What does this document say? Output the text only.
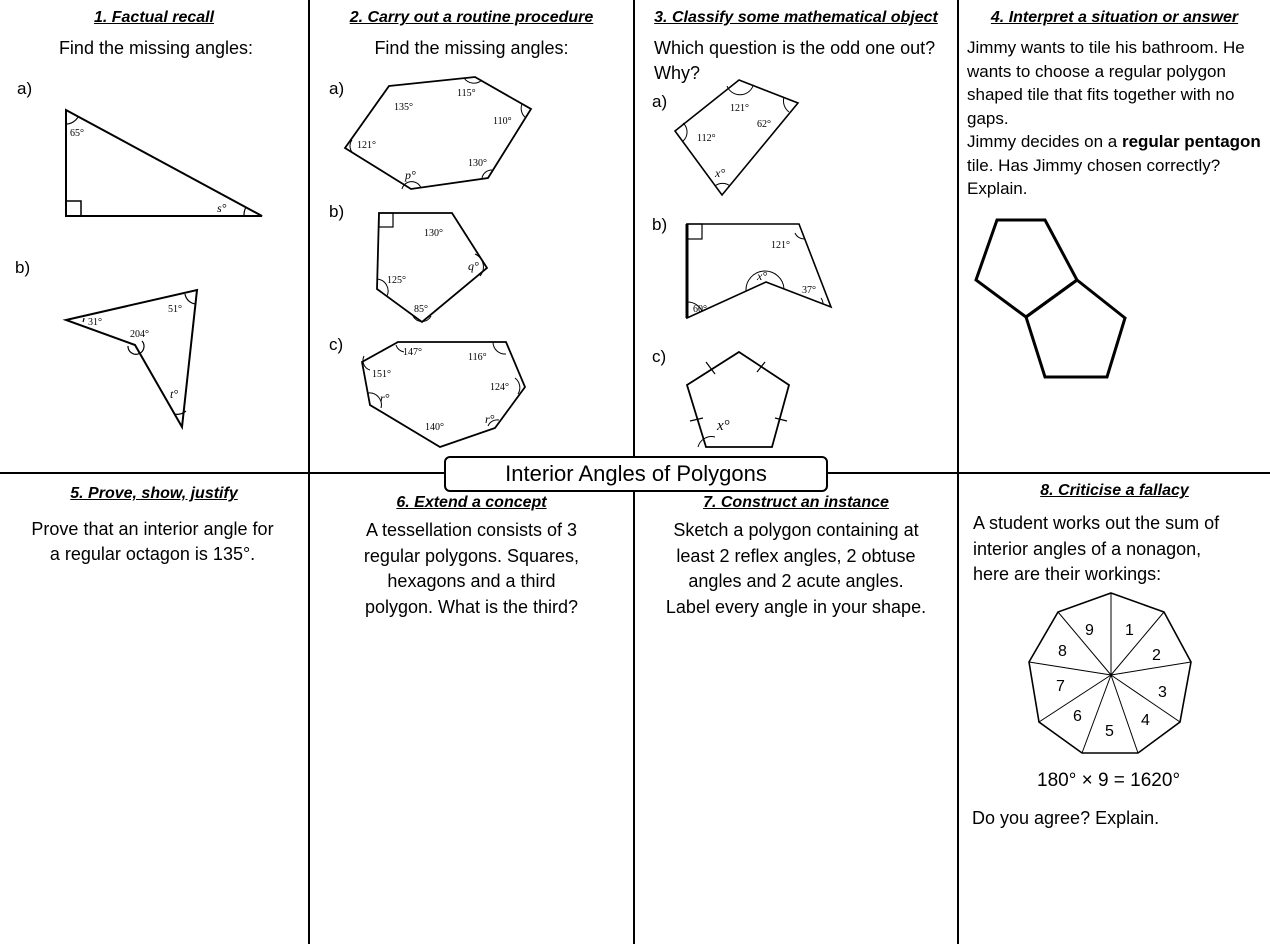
1. Factual recall
Find the missing angles:
a)
b)
65°
s°
31°
204°
51°
t°
2. Carry out a routine procedure
Find the missing angles:
a)
b)
c)
135°
115°
110°
121°
p°
130°
130°
q°
125°
85°
147°	116°
151°
124°
r°
140°
r°
3. Classify some mathematical object
Which question is the odd one out? Why?
a)
b)
c)
121°
62°
112°
x°
121°
x°
37°
60°
x°
4. Interpret a situation or answer
Jimmy wants to tile his bathroom. He
wants to choose a regular polygon
shaped tile that fits together with no
gaps.
Jimmy decides on a regular pentagon
tile. Has Jimmy chosen correctly?
Explain.
5. Prove, show, justify
Prove that an interior angle for
a regular octagon is 135°.
6. Extend a concept
A tessellation consists of 3
regular polygons. Squares,
hexagons and a third
polygon. What is the third?
7. Construct an instance
Sketch a polygon containing at
least 2 reflex angles, 2 obtuse
angles and 2 acute angles.
Label every angle in your shape.
8. Criticise a fallacy
A student works out the sum of
interior angles of a nonagon,
here are their workings:
9 1
2
3
4
5
6
7
8
180° × 9 = 1620°
Do you agree? Explain.
Interior Angles of Polygons
